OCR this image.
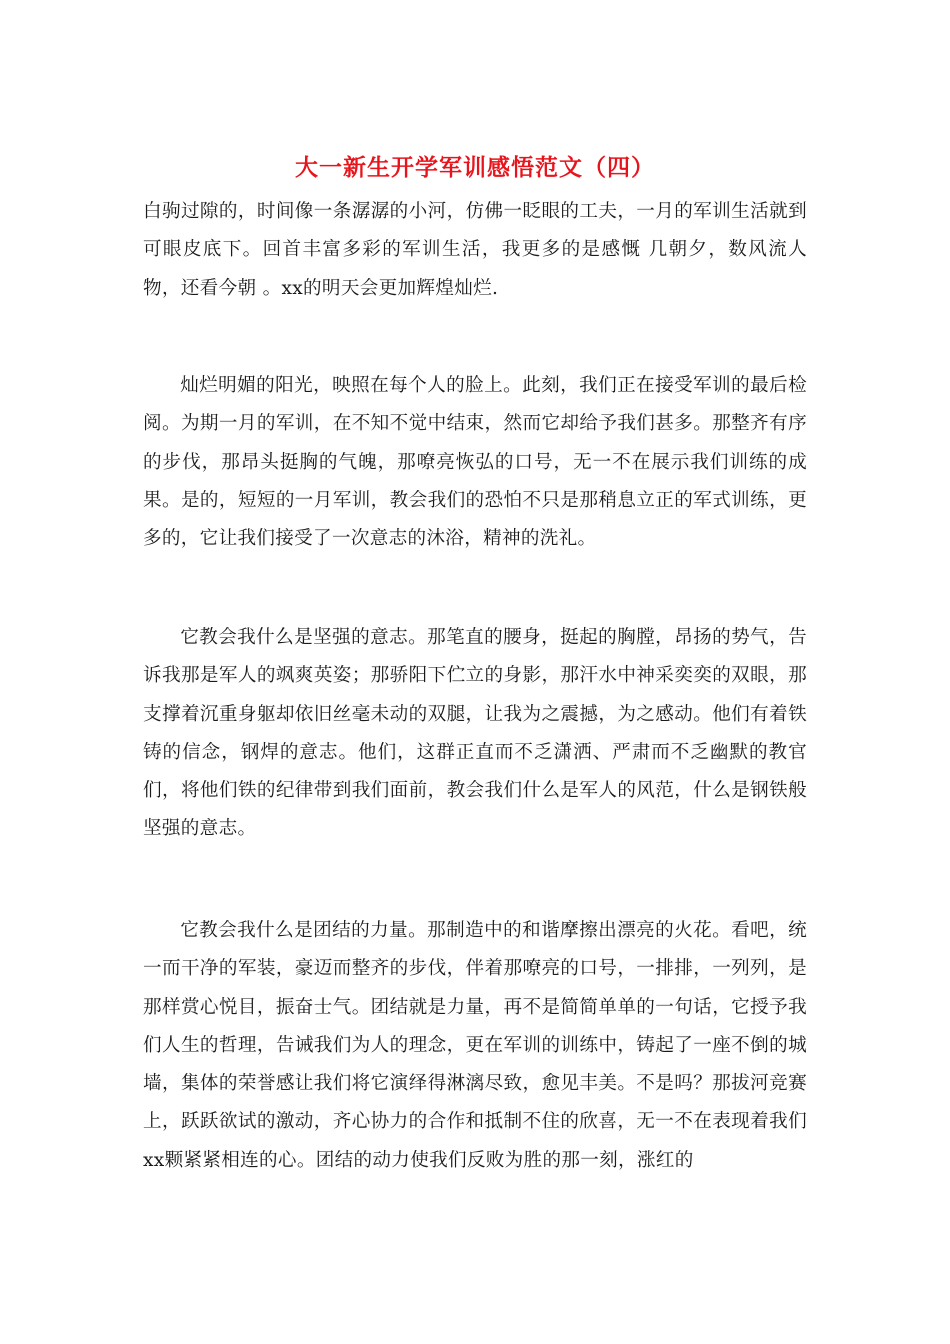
大一新生开学军训感悟范文（四）

白驹过隙的，时间像一条潺潺的小河，仿佛一眨眼的工夫，一月的军训生活就到可眼皮底下。回首丰富多彩的军训生活，我更多的是感慨 几朝夕，数风流人物，还看今朝 。xx的明天会更加辉煌灿烂.

灿烂明媚的阳光，映照在每个人的脸上。此刻，我们正在接受军训的最后检阅。为期一月的军训，在不知不觉中结束，然而它却给予我们甚多。那整齐有序的步伐，那昂头挺胸的气魄，那嘹亮恢弘的口号，无一不在展示我们训练的成果。是的，短短的一月军训，教会我们的恐怕不只是那稍息立正的军式训练，更多的，它让我们接受了一次意志的沐浴，精神的洗礼。

它教会我什么是坚强的意志。那笔直的腰身，挺起的胸膛，昂扬的势气，告诉我那是军人的飒爽英姿；那骄阳下伫立的身影，那汗水中神采奕奕的双眼，那支撑着沉重身躯却依旧丝毫未动的双腿，让我为之震撼，为之感动。他们有着铁铸的信念，钢焊的意志。他们，这群正直而不乏潇洒、严肃而不乏幽默的教官们，将他们铁的纪律带到我们面前，教会我们什么是军人的风范，什么是钢铁般坚强的意志。

它教会我什么是团结的力量。那制造中的和谐摩擦出漂亮的火花。看吧，统一而干净的军装，豪迈而整齐的步伐，伴着那嘹亮的口号，一排排，一列列，是那样赏心悦目，振奋士气。团结就是力量，再不是简简单单的一句话，它授予我们人生的哲理，告诫我们为人的理念，更在军训的训练中，铸起了一座不倒的城墙，集体的荣誉感让我们将它演绎得淋漓尽致，愈见丰美。不是吗？那拔河竞赛上，跃跃欲试的激动，齐心协力的合作和抵制不住的欣喜，无一不在表现着我们xx颗紧紧相连的心。团结的动力使我们反败为胜的那一刻，涨红的
